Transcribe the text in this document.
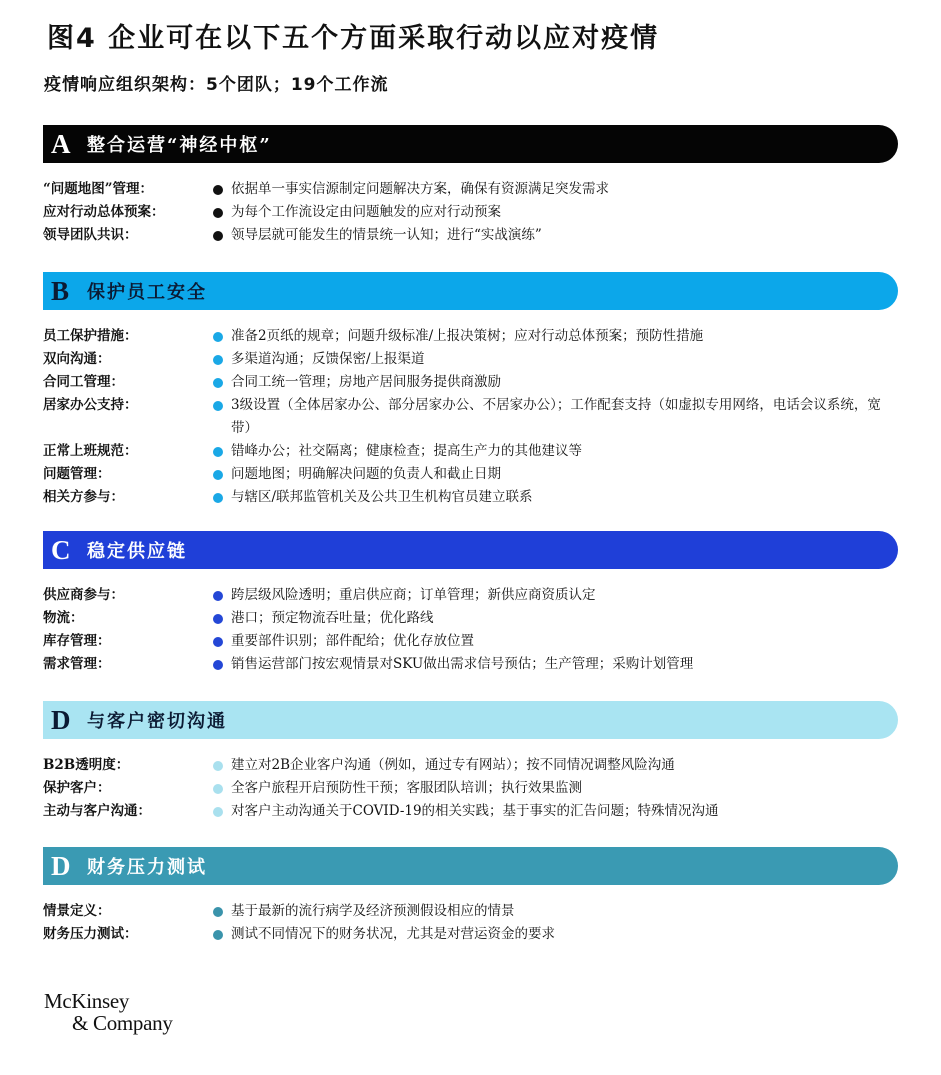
图4 企业可在以下五个方面采取行动以应对疫情
疫情响应组织架构：5个团队；19个工作流
A 整合运营“神经中枢”
“问题地图”管理：	依据单一事实信源制定问题解决方案，确保有资源满足突发需求
应对行动总体预案：	为每个工作流设定由问题触发的应对行动预案
领导团队共识：	领导层就可能发生的情景统一认知；进行“实战演练”
B 保护员工安全
员工保护措施：	准备2页纸的规章；问题升级标准/上报决策树；应对行动总体预案；预防性措施
双向沟通：	多渠道沟通；反馈保密/上报渠道
合同工管理：	合同工统一管理；房地产居间服务提供商激励
居家办公支持：	3级设置（全体居家办公、部分居家办公、不居家办公）；工作配套支持（如虚拟专用网络，电话会议系统，宽带）
正常上班规范：	错峰办公；社交隔离；健康检查；提高生产力的其他建议等
问题管理：	问题地图；明确解决问题的负责人和截止日期
相关方参与：	与辖区/联邦监管机关及公共卫生机构官员建立联系
C 稳定供应链
供应商参与：	跨层级风险透明；重启供应商；订单管理；新供应商资质认定
物流：	港口；预定物流吞吐量；优化路线
库存管理：	重要部件识别；部件配给；优化存放位置
需求管理：	销售运营部门按宏观情景对SKU做出需求信号预估；生产管理；采购计划管理
D 与客户密切沟通
B2B透明度：	建立对2B企业客户沟通（例如，通过专有网站）；按不同情况调整风险沟通
保护客户：	全客户旅程开启预防性干预；客服团队培训；执行效果监测
主动与客户沟通：	对客户主动沟通关于COVID-19的相关实践；基于事实的汇告问题；特殊情况沟通
D 财务压力测试
情景定义：	基于最新的流行病学及经济预测假设相应的情景
财务压力测试：	测试不同情况下的财务状况，尤其是对营运资金的要求
McKinsey
& Company
